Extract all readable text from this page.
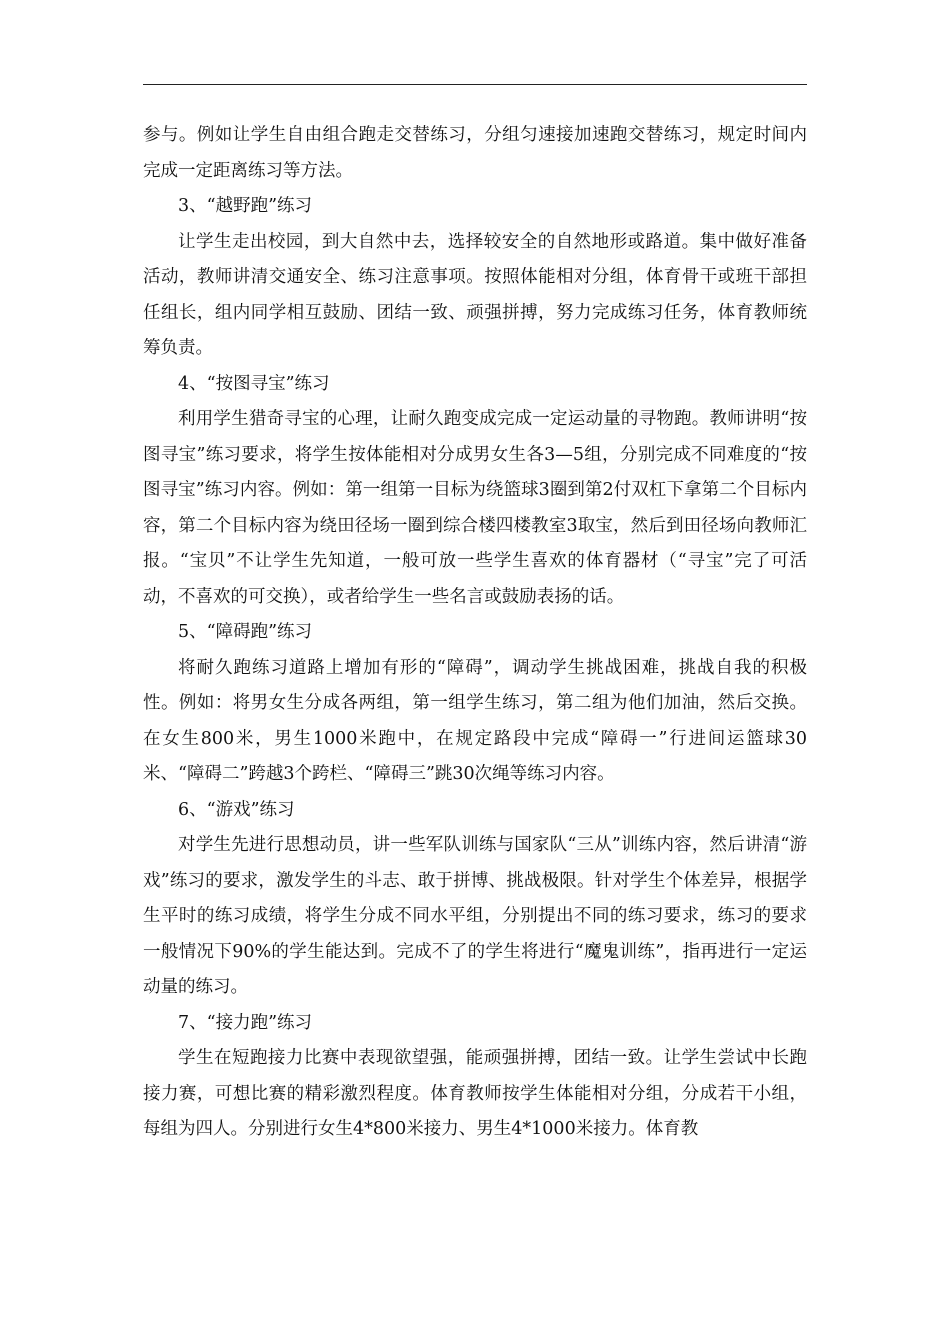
参与。例如让学生自由组合跑走交替练习，分组匀速接加速跑交替练习，规定时间内完成一定距离练习等方法。

3、“越野跑”练习

让学生走出校园，到大自然中去，选择较安全的自然地形或路道。集中做好准备活动，教师讲清交通安全、练习注意事项。按照体能相对分组，体育骨干或班干部担任组长，组内同学相互鼓励、团结一致、顽强拼搏，努力完成练习任务，体育教师统筹负责。

4、“按图寻宝”练习

利用学生猎奇寻宝的心理，让耐久跑变成完成一定运动量的寻物跑。教师讲明“按图寻宝”练习要求，将学生按体能相对分成男女生各3—5组，分别完成不同难度的“按图寻宝”练习内容。例如：第一组第一目标为绕篮球3圈到第2付双杠下拿第二个目标内容，第二个目标内容为绕田径场一圈到综合楼四楼教室3取宝，然后到田径场向教师汇报。“宝贝”不让学生先知道，一般可放一些学生喜欢的体育器材（“寻宝”完了可活动，不喜欢的可交换），或者给学生一些名言或鼓励表扬的话。

5、“障碍跑”练习

将耐久跑练习道路上增加有形的“障碍”，调动学生挑战困难，挑战自我的积极性。例如：将男女生分成各两组，第一组学生练习，第二组为他们加油，然后交换。在女生800米，男生1000米跑中，在规定路段中完成“障碍一”行进间运篮球30米、“障碍二”跨越3个跨栏、“障碍三”跳30次绳等练习内容。

6、“游戏”练习

对学生先进行思想动员，讲一些军队训练与国家队“三从”训练内容，然后讲清“游戏”练习的要求，激发学生的斗志、敢于拼博、挑战极限。针对学生个体差异，根据学生平时的练习成绩，将学生分成不同水平组，分别提出不同的练习要求，练习的要求一般情况下90%的学生能达到。完成不了的学生将进行“魔鬼训练”，指再进行一定运动量的练习。

7、“接力跑”练习

学生在短跑接力比赛中表现欲望强，能顽强拼搏，团结一致。让学生尝试中长跑接力赛，可想比赛的精彩激烈程度。体育教师按学生体能相对分组，分成若干小组，每组为四人。分别进行女生4*800米接力、男生4*1000米接力。体育教
